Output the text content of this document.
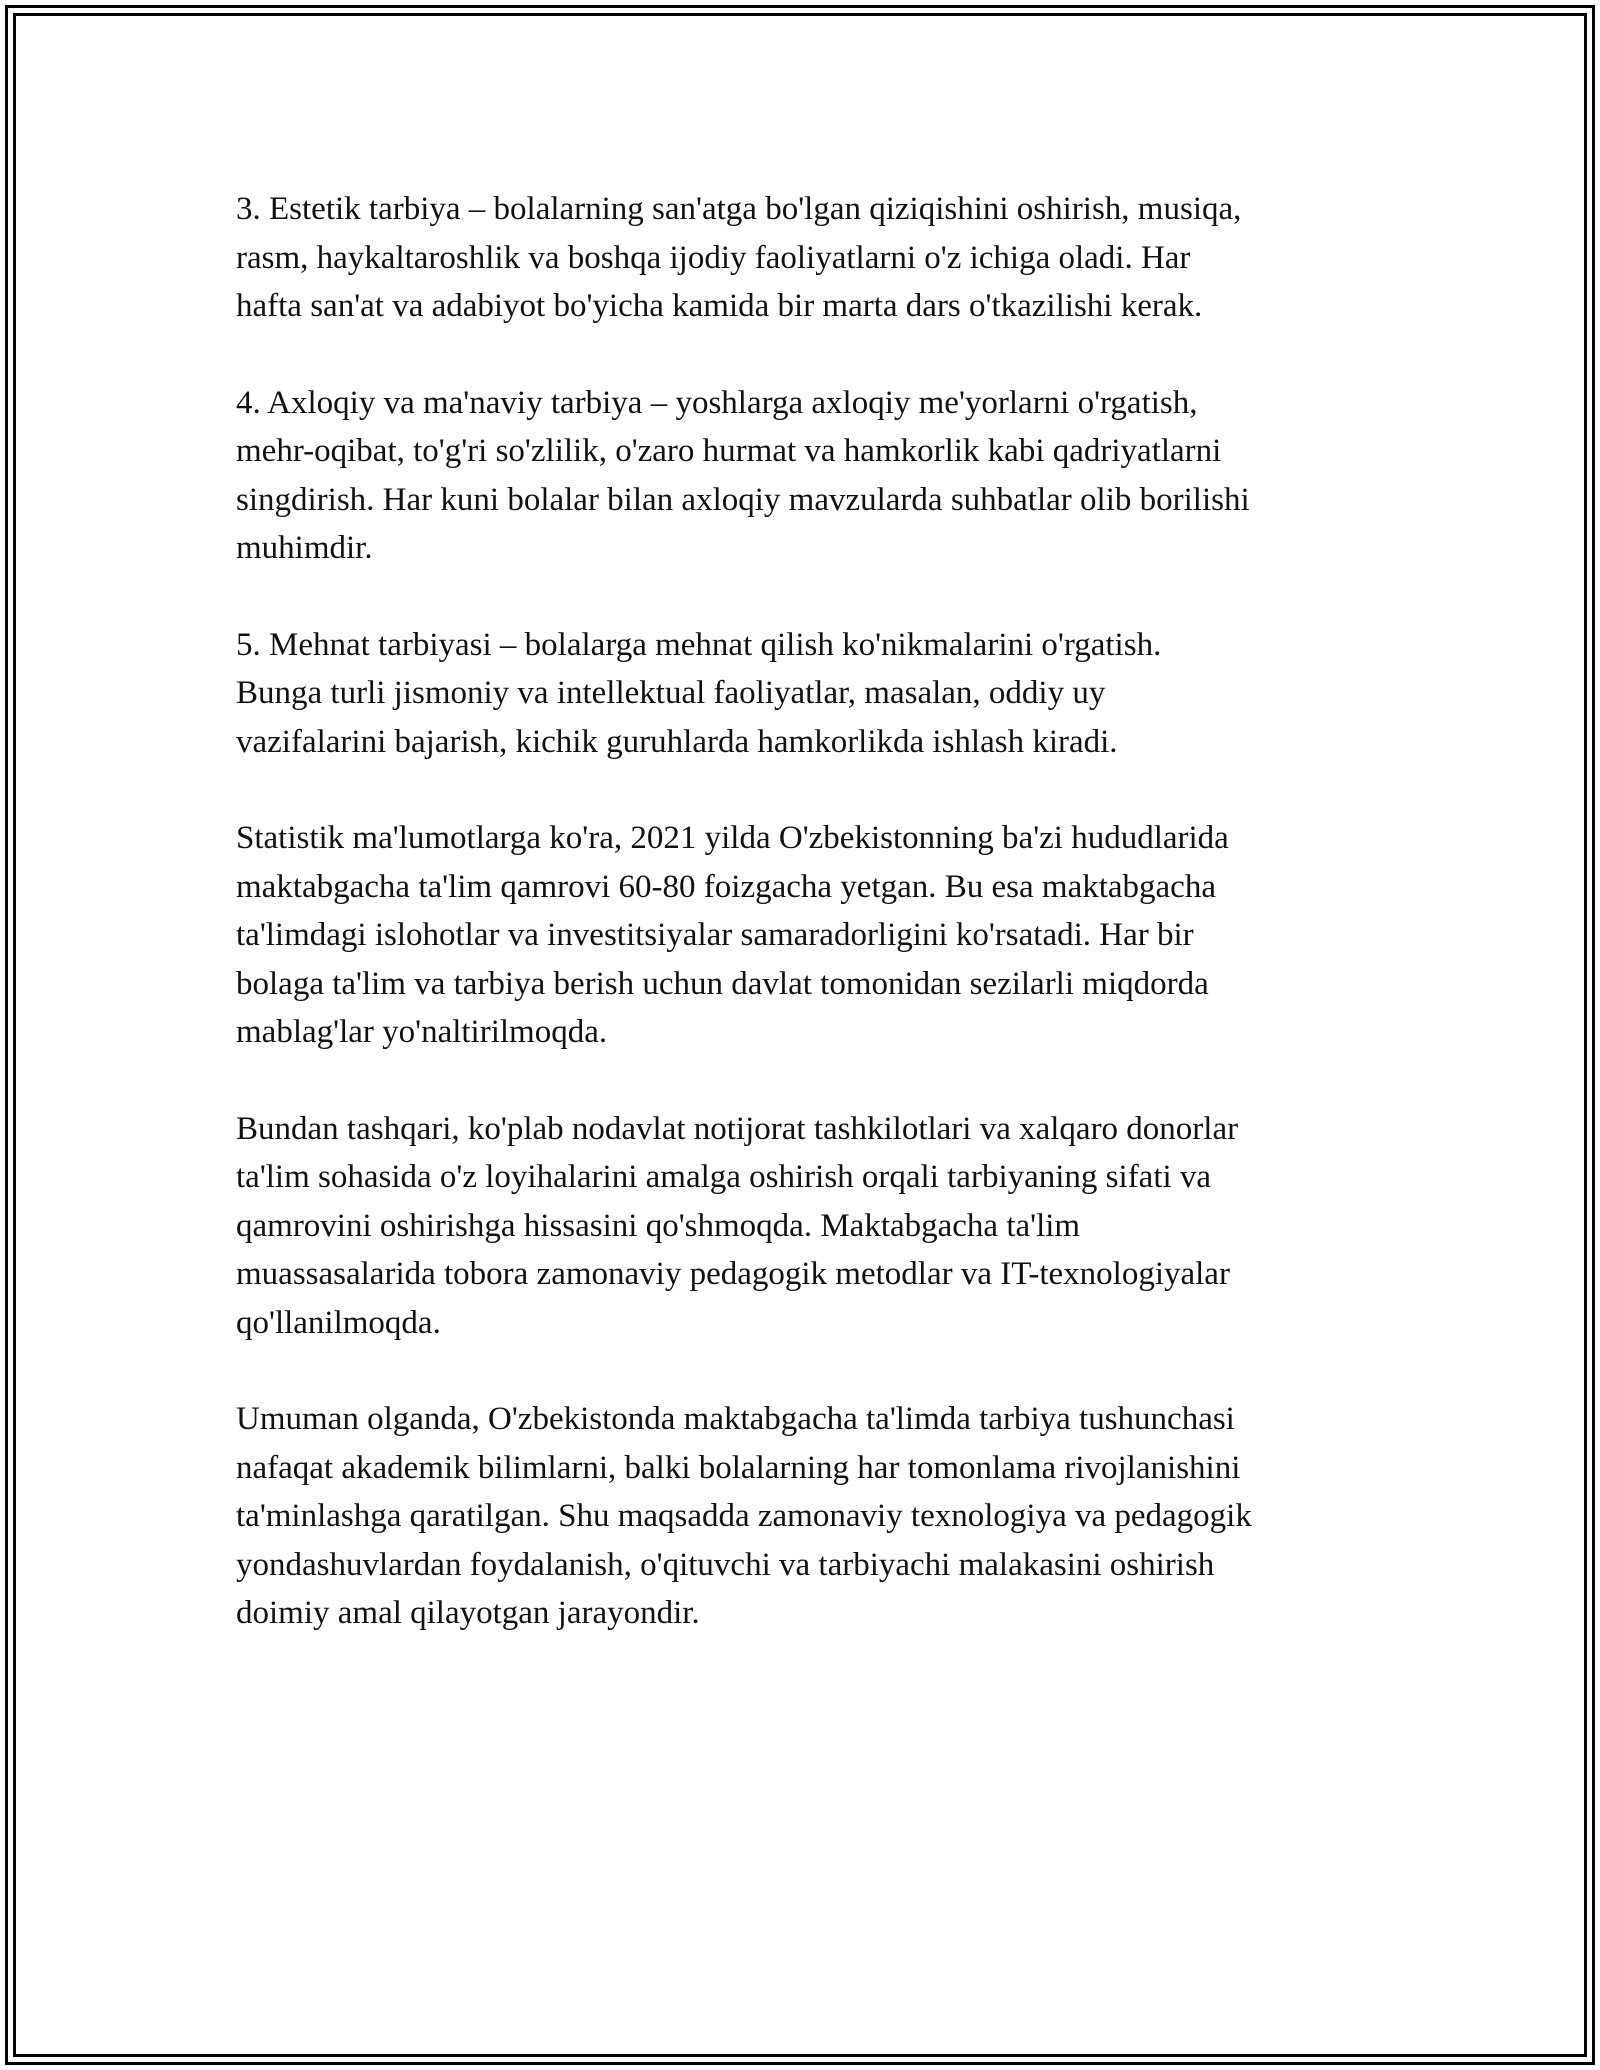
3. Estetik tarbiya – bolalarning san'atga bo'lgan qiziqishini oshirish, musiqa,
rasm, haykaltaroshlik va boshqa ijodiy faoliyatlarni o'z ichiga oladi. Har
hafta san'at va adabiyot bo'yicha kamida bir marta dars o'tkazilishi kerak.

4. Axloqiy va ma'naviy tarbiya – yoshlarga axloqiy me'yorlarni o'rgatish,
mehr-oqibat, to'g'ri so'zlilik, o'zaro hurmat va hamkorlik kabi qadriyatlarni
singdirish. Har kuni bolalar bilan axloqiy mavzularda suhbatlar olib borilishi
muhimdir.

5. Mehnat tarbiyasi – bolalarga mehnat qilish ko'nikmalarini o'rgatish.
Bunga turli jismoniy va intellektual faoliyatlar, masalan, oddiy uy
vazifalarini bajarish, kichik guruhlarda hamkorlikda ishlash kiradi.

Statistik ma'lumotlarga ko'ra, 2021 yilda O'zbekistonning ba'zi hududlarida
maktabgacha ta'lim qamrovi 60-80 foizgacha yetgan. Bu esa maktabgacha
ta'limdagi islohotlar va investitsiyalar samaradorligini ko'rsatadi. Har bir
bolaga ta'lim va tarbiya berish uchun davlat tomonidan sezilarli miqdorda
mablag'lar yo'naltirilmoqda.

Bundan tashqari, ko'plab nodavlat notijorat tashkilotlari va xalqaro donorlar
ta'lim sohasida o'z loyihalarini amalga oshirish orqali tarbiyaning sifati va
qamrovini oshirishga hissasini qo'shmoqda. Maktabgacha ta'lim
muassasalarida tobora zamonaviy pedagogik metodlar va IT-texnologiyalar
qo'llanilmoqda.

Umuman olganda, O'zbekistonda maktabgacha ta'limda tarbiya tushunchasi
nafaqat akademik bilimlarni, balki bolalarning har tomonlama rivojlanishini
ta'minlashga qaratilgan. Shu maqsadda zamonaviy texnologiya va pedagogik
yondashuvlardan foydalanish, o'qituvchi va tarbiyachi malakasini oshirish
doimiy amal qilayotgan jarayondir.
